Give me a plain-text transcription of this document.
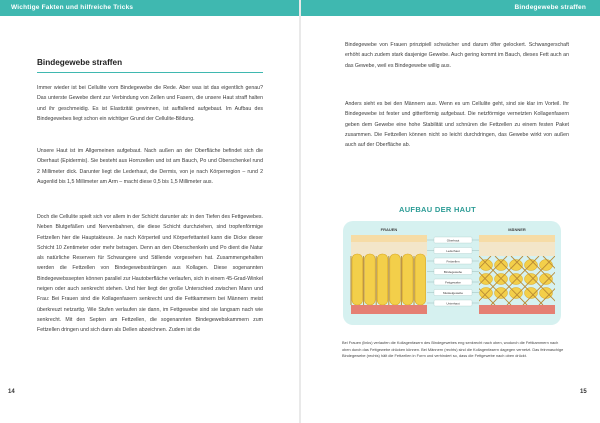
Wichtige Fakten und hilfreiche Tricks	Bindegewebe straffen
Bindegewebe straffen

Immer wieder ist bei Cellulite vom Bindegewebe die Rede. Aber was ist das eigentlich genau? Das unterste Gewebe dient zur Verbindung von Zellen und Fasern, die unsere Haut straff halten und ihr geschmeidig. Es ist Elastizität gewinnen, ist auffallend aufgebaut. Im Aufbau des Bindegewebes liegt schon ein wichtiger Grund der Cellulite-Bildung.

Unsere Haut ist im Allgemeinen aufgebaut. Nach außen an der Oberfläche befindet sich die Oberhaut (Epidermis). Sie besteht aus Hornzellen und ist am Bauch, Po und Oberschenkel rund 2 Millimeter dick. Darunter liegt die Lederhaut, die Dermis, von je nach Körperregion – rund 2 Augenlid bis 1,5 Millimeter am Arm – macht diese 0,5 bis 1,5 Millimeter aus.

Doch die Cellulite spielt sich vor allem in der Schicht darunter ab: in den Tiefen des Fettgewebes. Neben Blutgefäßen und Nervenbahnen, die diese Schicht durchziehen, sind tropfenförmige Fettzellen hier die Hauptakteure. Je nach Körperteil und Körperfettanteil kann die Dicke dieser Schicht 10 Zentimeter oder mehr betragen. Denn an den Oberschenkeln und Po dient die Natur als natürliche Reserven für Schwangere und Stillende vorgesehen hat. Zusammengehalten werden die Fettzellen von Bindegewebssträngen aus Kollagen. Diese sogenannten Bindegewebssepten können parallel zur Hautoberfläche verlaufen, sich in einem 45-Grad-Winkel neigen oder auch senkrecht stehen. Und hier liegt der große Unterschied zwischen Mann und Frau: Bei Frauen sind die Kollagenfasern senkrecht und die Fettkammern bei Männern meist überkreuzt netzartig. Wie Stufen verlaufen sie dann, im Fettgewebe sind sie langsam nach wie senkrecht. Mit den Septen am Fettzellen, die sogenannten Bindegewebskammern zum Fettzellen dringen und sich dann als Dellen abzeichnen. Zudem ist die

14

Bindegewebe von Frauen prinzipiell schwächer und darum öfter gelockert. Schwangerschaft erhöht auch zudem stark dasjenige Gewebe. Auch gering kommt im Bauch, dieses Fett auch an das Gewebe, weil es Bindegewebe willig aus.

Anders sieht es bei den Männern aus. Wenn es um Cellulite geht, sind sie klar im Vorteil. Ihr Bindegewebe ist fester und gitterförmig aufgebaut. Die netzförmige vernetzten Kollagenfasern geben dem Gewebe eine hohe Stabilität und schnüren die Fettzellen zu einem festen Paket zusammen. Die Fettzellen können nicht so leicht durchdringen, das Gewebe wirkt von außen auch auf der Oberfläche ab.

AUFBAU DER HAUT
FRAUEN	MÄNNER
Oberhaut
Lederhaut
Fettzellen
Bindegewebe
Fettgewebe
Muskelgewebe
Unterhaut

Bei Frauen (links) verlaufen die Kollagenfasern des Bindegewebes eng senkrecht nach oben, wodurch die Fettkammern nach oben durch das Fettgewebe drücken können. Bei Männern (rechts) sind die Kollagenfasern dagegen vernetzt. Das feinmaschige Bindegewebe (rechts) hält die Fettzellen in Form und verhindert so, dass die Fettgewebe nach oben drückt.

15
